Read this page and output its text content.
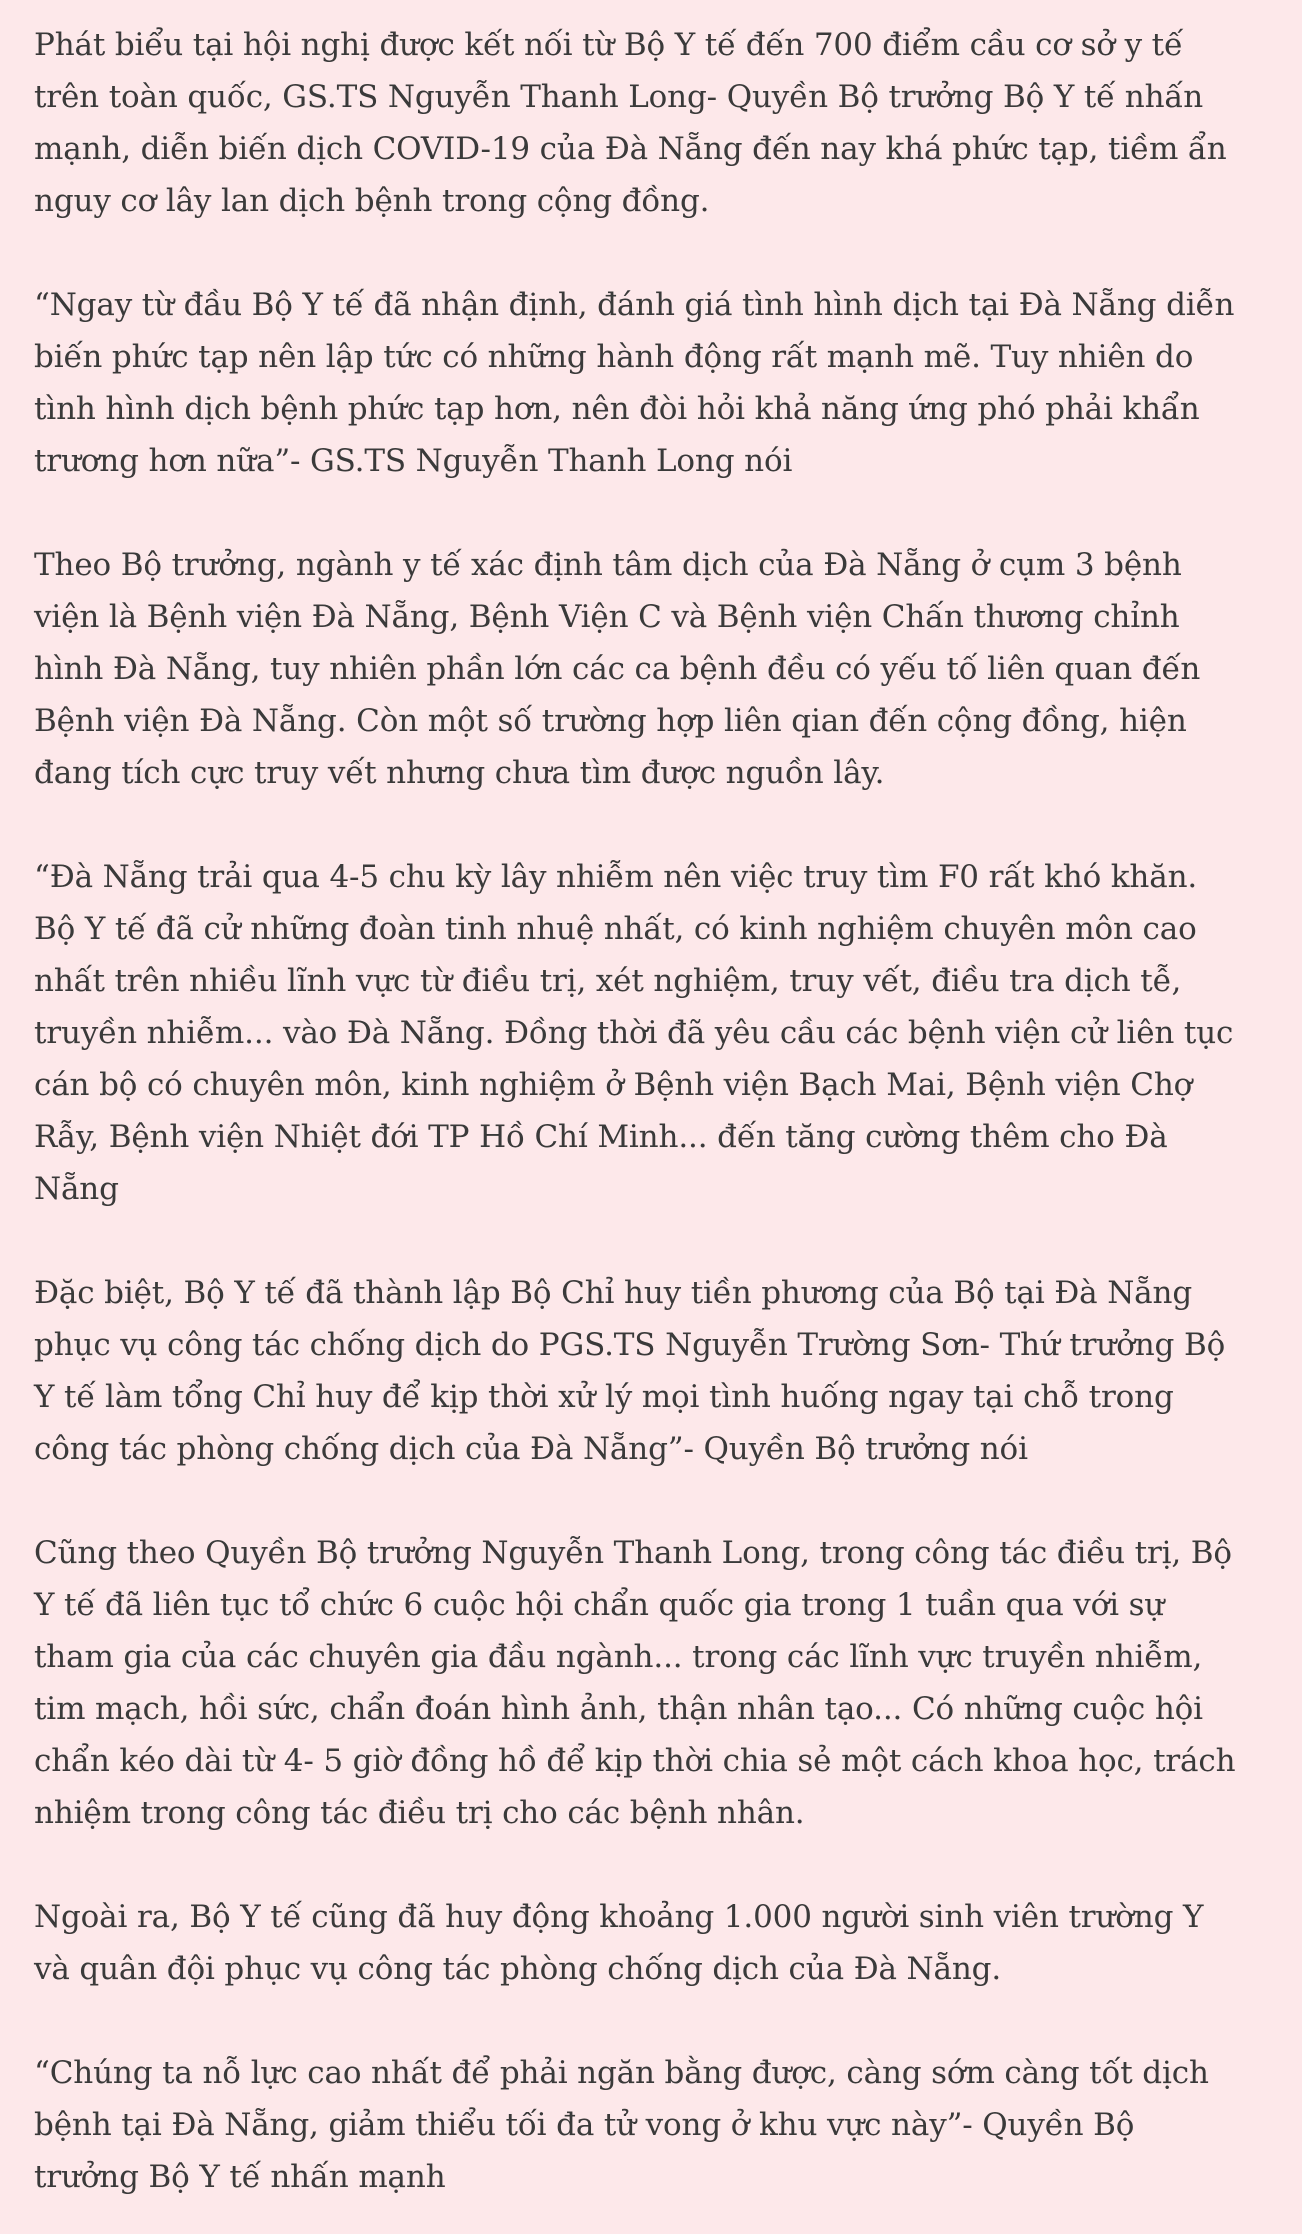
Phát biểu tại hội nghị được kết nối từ Bộ Y tế đến 700 điểm cầu cơ sở y tế
trên toàn quốc, GS.TS Nguyễn Thanh Long- Quyền Bộ trưởng Bộ Y tế nhấn
mạnh, diễn biến dịch COVID-19 của Đà Nẵng đến nay khá phức tạp, tiềm ẩn
nguy cơ lây lan dịch bệnh trong cộng đồng.

“Ngay từ đầu Bộ Y tế đã nhận định, đánh giá tình hình dịch tại Đà Nẵng diễn
biến phức tạp nên lập tức có những hành động rất mạnh mẽ. Tuy nhiên do
tình hình dịch bệnh phức tạp hơn, nên đòi hỏi khả năng ứng phó phải khẩn
trương hơn nữa”- GS.TS Nguyễn Thanh Long nói

Theo Bộ trưởng, ngành y tế xác định tâm dịch của Đà Nẵng ở cụm 3 bệnh
viện là Bệnh viện Đà Nẵng, Bệnh Viện C và Bệnh viện Chấn thương chỉnh
hình Đà Nẵng, tuy nhiên phần lớn các ca bệnh đều có yếu tố liên quan đến
Bệnh viện Đà Nẵng. Còn một số trường hợp liên qian đến cộng đồng, hiện
đang tích cực truy vết nhưng chưa tìm được nguồn lây.

“Đà Nẵng trải qua 4-5 chu kỳ lây nhiễm nên việc truy tìm F0 rất khó khăn.
Bộ Y tế đã cử những đoàn tinh nhuệ nhất, có kinh nghiệm chuyên môn cao
nhất trên nhiều lĩnh vực từ điều trị, xét nghiệm, truy vết, điều tra dịch tễ,
truyền nhiễm... vào Đà Nẵng. Đồng thời đã yêu cầu các bệnh viện cử liên tục
cán bộ có chuyên môn, kinh nghiệm ở Bệnh viện Bạch Mai, Bệnh viện Chợ
Rẫy, Bệnh viện Nhiệt đới TP Hồ Chí Minh... đến tăng cường thêm cho Đà
Nẵng

Đặc biệt, Bộ Y tế đã thành lập Bộ Chỉ huy tiền phương của Bộ tại Đà Nẵng
phục vụ công tác chống dịch do PGS.TS Nguyễn Trường Sơn- Thứ trưởng Bộ
Y tế làm tổng Chỉ huy để kịp thời xử lý mọi tình huống ngay tại chỗ trong
công tác phòng chống dịch của Đà Nẵng”- Quyền Bộ trưởng nói

Cũng theo Quyền Bộ trưởng Nguyễn Thanh Long, trong công tác điều trị, Bộ
Y tế đã liên tục tổ chức 6 cuộc hội chẩn quốc gia trong 1 tuần qua với sự
tham gia của các chuyên gia đầu ngành... trong các lĩnh vực truyền nhiễm,
tim mạch, hồi sức, chẩn đoán hình ảnh, thận nhân tạo... Có những cuộc hội
chẩn kéo dài từ 4- 5 giờ đồng hồ để kịp thời chia sẻ một cách khoa học, trách
nhiệm trong công tác điều trị cho các bệnh nhân.

Ngoài ra, Bộ Y tế cũng đã huy động khoảng 1.000 người sinh viên trường Y
và quân đội phục vụ công tác phòng chống dịch của Đà Nẵng.

“Chúng ta nỗ lực cao nhất để phải ngăn bằng được, càng sớm càng tốt dịch
bệnh tại Đà Nẵng, giảm thiểu tối đa tử vong ở khu vực này”- Quyền Bộ
trưởng Bộ Y tế nhấn mạnh
